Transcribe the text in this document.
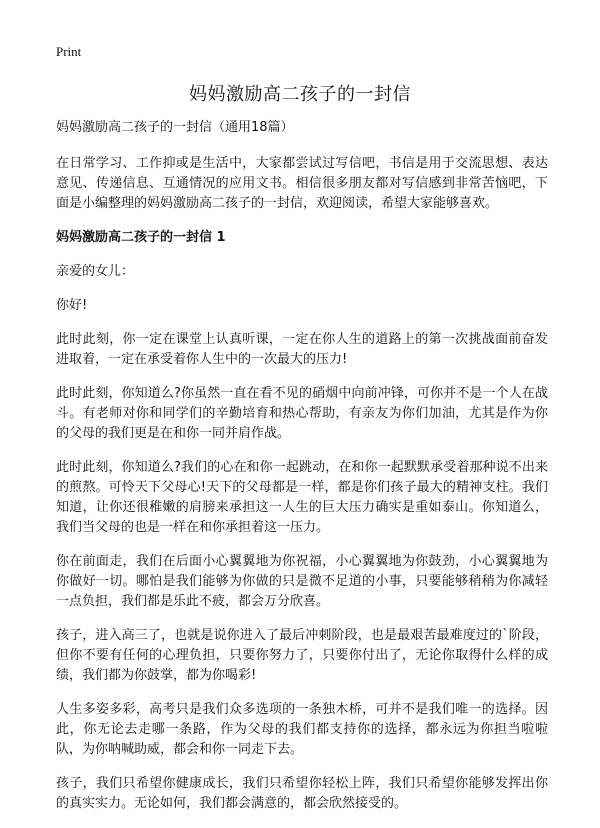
Print
妈妈激励高二孩子的一封信

妈妈激励高二孩子的一封信（通用18篇）

在日常学习、工作抑或是生活中，大家都尝试过写信吧，书信是用于交流思想、表达意见、传递信息、互通情况的应用文书。相信很多朋友都对写信感到非常苦恼吧，下面是小编整理的妈妈激励高二孩子的一封信，欢迎阅读，希望大家能够喜欢。

妈妈激励高二孩子的一封信 1

亲爱的女儿：

你好!

此时此刻，你一定在课堂上认真听课，一定在你人生的道路上的第一次挑战面前奋发进取着，一定在承受着你人生中的一次最大的压力!

此时此刻，你知道么?你虽然一直在看不见的硝烟中向前冲锋，可你并不是一个人在战斗。有老师对你和同学们的辛勤培育和热心帮助，有亲友为你们加油，尤其是作为你的父母的我们更是在和你一同并肩作战。

此时此刻，你知道么?我们的心在和你一起跳动，在和你一起默默承受着那种说不出来的煎熬。可怜天下父母心!天下的父母都是一样，都是你们孩子最大的精神支柱。我们知道，让你还很稚嫩的肩膀来承担这一人生的巨大压力确实是重如泰山。你知道么，我们当父母的也是一样在和你承担着这一压力。

你在前面走，我们在后面小心翼翼地为你祝福，小心翼翼地为你鼓劲，小心翼翼地为你做好一切。哪怕是我们能够为你做的只是微不足道的小事，只要能够稍稍为你减轻一点负担，我们都是乐此不疲，都会万分欣喜。

孩子，进入高三了，也就是说你进入了最后冲刺阶段，也是最艰苦最难度过的`阶段，但你不要有任何的心理负担，只要你努力了，只要你付出了，无论你取得什么样的成绩，我们都为你鼓掌，都为你喝彩!

人生多姿多彩，高考只是我们众多选项的一条独木桥，可并不是我们唯一的选择。因此，你无论去走哪一条路，作为父母的我们都支持你的选择，都永远为你担当啦啦队，为你呐喊助威，都会和你一同走下去。

孩子，我们只希望你健康成长，我们只希望你轻松上阵，我们只希望你能够发挥出你的真实实力。无论如何，我们都会满意的，都会欣然接受的。
